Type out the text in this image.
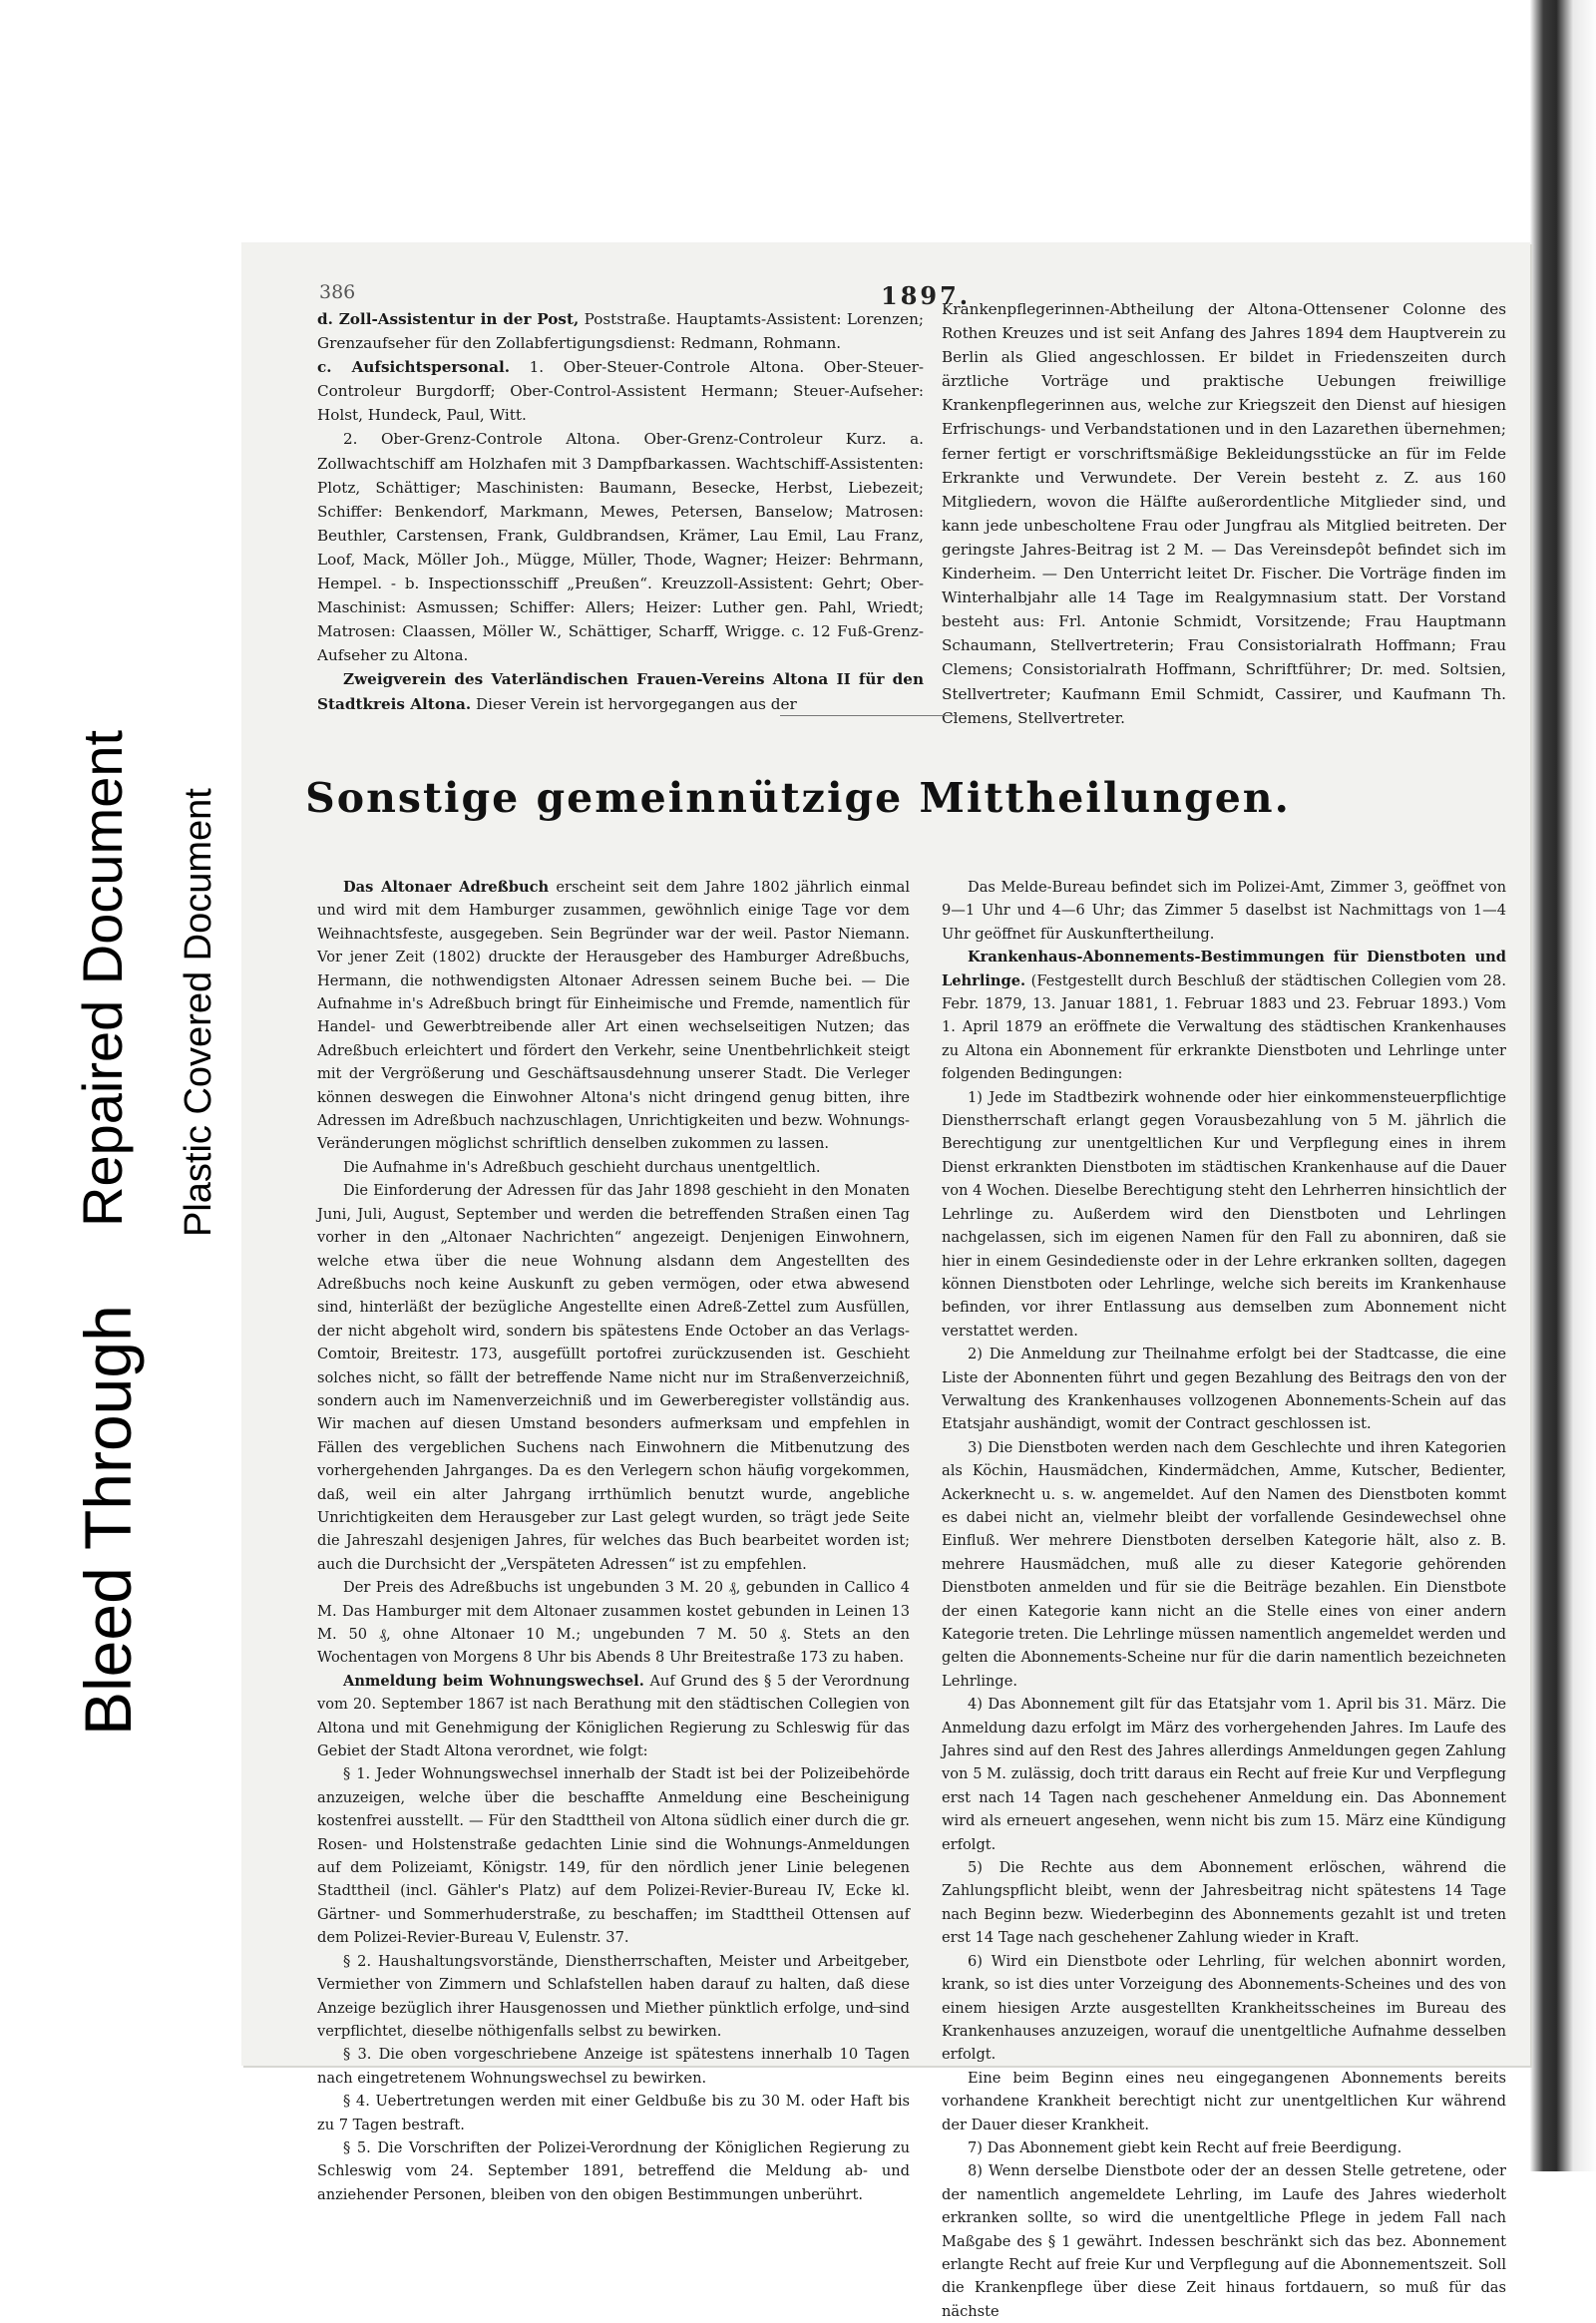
Bleed Through
Repaired Document Plastic Covered Document
386	1897.

d. Zoll-Assistentur in der Post, Poststraße. Hauptamts-Assistent: Lorenzen; Grenzaufseher für den Zollabfertigungsdienst: Redmann, Rohmann.

c. Aufsichtspersonal. 1. Ober-Steuer-Controle Altona. Ober-Steuer-Controleur Burgdorff; Ober-Control-Assistent Hermann; Steuer-Aufseher: Holst, Hundeck, Paul, Witt.

2. Ober-Grenz-Controle Altona. Ober-Grenz-Controleur Kurz. a. Zollwachtschiff am Holzhafen mit 3 Dampfbarkassen. Wachtschiff-Assistenten: Plotz, Schättiger; Maschinisten: Baumann, Besecke, Herbst, Liebezeit; Schiffer: Benkendorf, Markmann, Mewes, Petersen, Banselow; Matrosen: Beuthler, Carstensen, Frank, Guldbrandsen, Krämer, Lau Emil, Lau Franz, Loof, Mack, Möller Joh., Mügge, Müller, Thode, Wagner; Heizer: Behrmann, Hempel. - b. Inspectionsschiff „Preußen“. Kreuzzoll-Assistent: Gehrt; Ober-Maschinist: Asmussen; Schiffer: Allers; Heizer: Luther gen. Pahl, Wriedt; Matrosen: Claassen, Möller W., Schättiger, Scharff, Wrigge. c. 12 Fuß-Grenz-Aufseher zu Altona.

Zweigverein des Vaterländischen Frauen-Vereins Altona II für den Stadtkreis Altona. Dieser Verein ist hervorgegangen aus der

Krankenpflegerinnen-Abtheilung der Altona-Ottensener Colonne des Rothen Kreuzes und ist seit Anfang des Jahres 1894 dem Hauptverein zu Berlin als Glied angeschlossen. Er bildet in Friedenszeiten durch ärztliche Vorträge und praktische Uebungen freiwillige Krankenpflegerinnen aus, welche zur Kriegszeit den Dienst auf hiesigen Erfrischungs- und Verbandstationen und in den Lazarethen übernehmen; ferner fertigt er vorschriftsmäßige Bekleidungsstücke an für im Felde Erkrankte und Verwundete. Der Verein besteht z. Z. aus 160 Mitgliedern, wovon die Hälfte außerordentliche Mitglieder sind, und kann jede unbescholtene Frau oder Jungfrau als Mitglied beitreten. Der geringste Jahres-Beitrag ist 2 M. — Das Vereinsdepôt befindet sich im Kinderheim. — Den Unterricht leitet Dr. Fischer. Die Vorträge finden im Winterhalbjahr alle 14 Tage im Realgymnasium statt. Der Vorstand besteht aus: Frl. Antonie Schmidt, Vorsitzende; Frau Hauptmann Schaumann, Stellvertreterin; Frau Consistorialrath Hoffmann; Frau Clemens; Consistorialrath Hoffmann, Schriftführer; Dr. med. Soltsien, Stellvertreter; Kaufmann Emil Schmidt, Cassirer, und Kaufmann Th. Clemens, Stellvertreter.

Sonstige gemeinnützige Mittheilungen.

Das Altonaer Adreßbuch erscheint seit dem Jahre 1802 jährlich einmal und wird mit dem Hamburger zusammen, gewöhnlich einige Tage vor dem Weihnachtsfeste, ausgegeben. Sein Begründer war der weil. Pastor Niemann. Vor jener Zeit (1802) druckte der Herausgeber des Hamburger Adreßbuchs, Hermann, die nothwendigsten Altonaer Adressen seinem Buche bei. — Die Aufnahme in's Adreßbuch bringt für Einheimische und Fremde, namentlich für Handel- und Gewerbtreibende aller Art einen wechselseitigen Nutzen; das Adreßbuch erleichtert und fördert den Verkehr, seine Unentbehrlichkeit steigt mit der Vergrößerung und Geschäftsausdehnung unserer Stadt. Die Verleger können deswegen die Einwohner Altona's nicht dringend genug bitten, ihre Adressen im Adreßbuch nachzuschlagen, Unrichtigkeiten und bezw. Wohnungs-Veränderungen möglichst schriftlich denselben zukommen zu lassen.

Die Aufnahme in's Adreßbuch geschieht durchaus unentgeltlich.

Die Einforderung der Adressen für das Jahr 1898 geschieht in den Monaten Juni, Juli, August, September und werden die betreffenden Straßen einen Tag vorher in den „Altonaer Nachrichten“ angezeigt. Denjenigen Einwohnern, welche etwa über die neue Wohnung alsdann dem Angestellten des Adreßbuchs noch keine Auskunft zu geben vermögen, oder etwa abwesend sind, hinterläßt der bezügliche Angestellte einen Adreß-Zettel zum Ausfüllen, der nicht abgeholt wird, sondern bis spätestens Ende October an das Verlags-Comtoir, Breitestr. 173, ausgefüllt portofrei zurückzusenden ist. Geschieht solches nicht, so fällt der betreffende Name nicht nur im Straßenverzeichniß, sondern auch im Namenverzeichniß und im Gewerberegister vollständig aus. Wir machen auf diesen Umstand besonders aufmerksam und empfehlen in Fällen des vergeblichen Suchens nach Einwohnern die Mitbenutzung des vorhergehenden Jahrganges. Da es den Verlegern schon häufig vorgekommen, daß, weil ein alter Jahrgang irrthümlich benutzt wurde, angebliche Unrichtigkeiten dem Herausgeber zur Last gelegt wurden, so trägt jede Seite die Jahreszahl desjenigen Jahres, für welches das Buch bearbeitet worden ist; auch die Durchsicht der „Verspäteten Adressen“ ist zu empfehlen.

Der Preis des Adreßbuchs ist ungebunden 3 M. 20 ₰, gebunden in Callico 4 M. Das Hamburger mit dem Altonaer zusammen kostet gebunden in Leinen 13 M. 50 ₰, ohne Altonaer 10 M.; ungebunden 7 M. 50 ₰. Stets an den Wochentagen von Morgens 8 Uhr bis Abends 8 Uhr Breitestraße 173 zu haben.

Anmeldung beim Wohnungswechsel. Auf Grund des § 5 der Verordnung vom 20. September 1867 ist nach Berathung mit den städtischen Collegien von Altona und mit Genehmigung der Königlichen Regierung zu Schleswig für das Gebiet der Stadt Altona verordnet, wie folgt:

§ 1. Jeder Wohnungswechsel innerhalb der Stadt ist bei der Polizeibehörde anzuzeigen, welche über die beschaffte Anmeldung eine Bescheinigung kostenfrei ausstellt. — Für den Stadttheil von Altona südlich einer durch die gr. Rosen- und Holstenstraße gedachten Linie sind die Wohnungs-Anmeldungen auf dem Polizeiamt, Königstr. 149, für den nördlich jener Linie belegenen Stadttheil (incl. Gähler's Platz) auf dem Polizei-Revier-Bureau IV, Ecke kl. Gärtner- und Sommerhuderstraße, zu beschaffen; im Stadttheil Ottensen auf dem Polizei-Revier-Bureau V, Eulenstr. 37.

§ 2. Haushaltungsvorstände, Dienstherrschaften, Meister und Arbeitgeber, Vermiether von Zimmern und Schlafstellen haben darauf zu halten, daß diese Anzeige bezüglich ihrer Hausgenossen und Miether pünktlich erfolge, und sind verpflichtet, dieselbe nöthigenfalls selbst zu bewirken.

§ 3. Die oben vorgeschriebene Anzeige ist spätestens innerhalb 10 Tagen nach eingetretenem Wohnungswechsel zu bewirken.

§ 4. Uebertretungen werden mit einer Geldbuße bis zu 30 M. oder Haft bis zu 7 Tagen bestraft.

§ 5. Die Vorschriften der Polizei-Verordnung der Königlichen Regierung zu Schleswig vom 24. September 1891, betreffend die Meldung ab- und anziehender Personen, bleiben von den obigen Bestimmungen unberührt.

Das Melde-Bureau befindet sich im Polizei-Amt, Zimmer 3, geöffnet von 9—1 Uhr und 4—6 Uhr; das Zimmer 5 daselbst ist Nachmittags von 1—4 Uhr geöffnet für Auskunftertheilung.

Krankenhaus-Abonnements-Bestimmungen für Dienstboten und Lehrlinge. (Festgestellt durch Beschluß der städtischen Collegien vom 28. Febr. 1879, 13. Januar 1881, 1. Februar 1883 und 23. Februar 1893.) Vom 1. April 1879 an eröffnete die Verwaltung des städtischen Krankenhauses zu Altona ein Abonnement für erkrankte Dienstboten und Lehrlinge unter folgenden Bedingungen:

1) Jede im Stadtbezirk wohnende oder hier einkommensteuerpflichtige Dienstherrschaft erlangt gegen Vorausbezahlung von 5 M. jährlich die Berechtigung zur unentgeltlichen Kur und Verpflegung eines in ihrem Dienst erkrankten Dienstboten im städtischen Krankenhause auf die Dauer von 4 Wochen. Dieselbe Berechtigung steht den Lehrherren hinsichtlich der Lehrlinge zu. Außerdem wird den Dienstboten und Lehrlingen nachgelassen, sich im eigenen Namen für den Fall zu abonniren, daß sie hier in einem Gesindedienste oder in der Lehre erkranken sollten, dagegen können Dienstboten oder Lehrlinge, welche sich bereits im Krankenhause befinden, vor ihrer Entlassung aus demselben zum Abonnement nicht verstattet werden.

2) Die Anmeldung zur Theilnahme erfolgt bei der Stadtcasse, die eine Liste der Abonnenten führt und gegen Bezahlung des Beitrags den von der Verwaltung des Krankenhauses vollzogenen Abonnements-Schein auf das Etatsjahr aushändigt, womit der Contract geschlossen ist.

3) Die Dienstboten werden nach dem Geschlechte und ihren Kategorien als Köchin, Hausmädchen, Kindermädchen, Amme, Kutscher, Bedienter, Ackerknecht u. s. w. angemeldet. Auf den Namen des Dienstboten kommt es dabei nicht an, vielmehr bleibt der vorfallende Gesindewechsel ohne Einfluß. Wer mehrere Dienstboten derselben Kategorie hält, also z. B. mehrere Hausmädchen, muß alle zu dieser Kategorie gehörenden Dienstboten anmelden und für sie die Beiträge bezahlen. Ein Dienstbote der einen Kategorie kann nicht an die Stelle eines von einer andern Kategorie treten. Die Lehrlinge müssen namentlich angemeldet werden und gelten die Abonnements-Scheine nur für die darin namentlich bezeichneten Lehrlinge.

4) Das Abonnement gilt für das Etatsjahr vom 1. April bis 31. März. Die Anmeldung dazu erfolgt im März des vorhergehenden Jahres. Im Laufe des Jahres sind auf den Rest des Jahres allerdings Anmeldungen gegen Zahlung von 5 M. zulässig, doch tritt daraus ein Recht auf freie Kur und Verpflegung erst nach 14 Tagen nach geschehener Anmeldung ein. Das Abonnement wird als erneuert angesehen, wenn nicht bis zum 15. März eine Kündigung erfolgt.

5) Die Rechte aus dem Abonnement erlöschen, während die Zahlungspflicht bleibt, wenn der Jahresbeitrag nicht spätestens 14 Tage nach Beginn bezw. Wiederbeginn des Abonnements gezahlt ist und treten erst 14 Tage nach geschehener Zahlung wieder in Kraft.

6) Wird ein Dienstbote oder Lehrling, für welchen abonnirt worden, krank, so ist dies unter Vorzeigung des Abonnements-Scheines und des von einem hiesigen Arzte ausgestellten Krankheitsscheines im Bureau des Krankenhauses anzuzeigen, worauf die unentgeltliche Aufnahme desselben erfolgt.

Eine beim Beginn eines neu eingegangenen Abonnements bereits vorhandene Krankheit berechtigt nicht zur unentgeltlichen Kur während der Dauer dieser Krankheit.

7) Das Abonnement giebt kein Recht auf freie Beerdigung.

8) Wenn derselbe Dienstbote oder der an dessen Stelle getretene, oder der namentlich angemeldete Lehrling, im Laufe des Jahres wiederholt erkranken sollte, so wird die unentgeltliche Pflege in jedem Fall nach Maßgabe des § 1 gewährt. Indessen beschränkt sich das bez. Abonnement erlangte Recht auf freie Kur und Verpflegung auf die Abonnementszeit. Soll die Krankenpflege über diese Zeit hinaus fortdauern, so muß für das nächste
